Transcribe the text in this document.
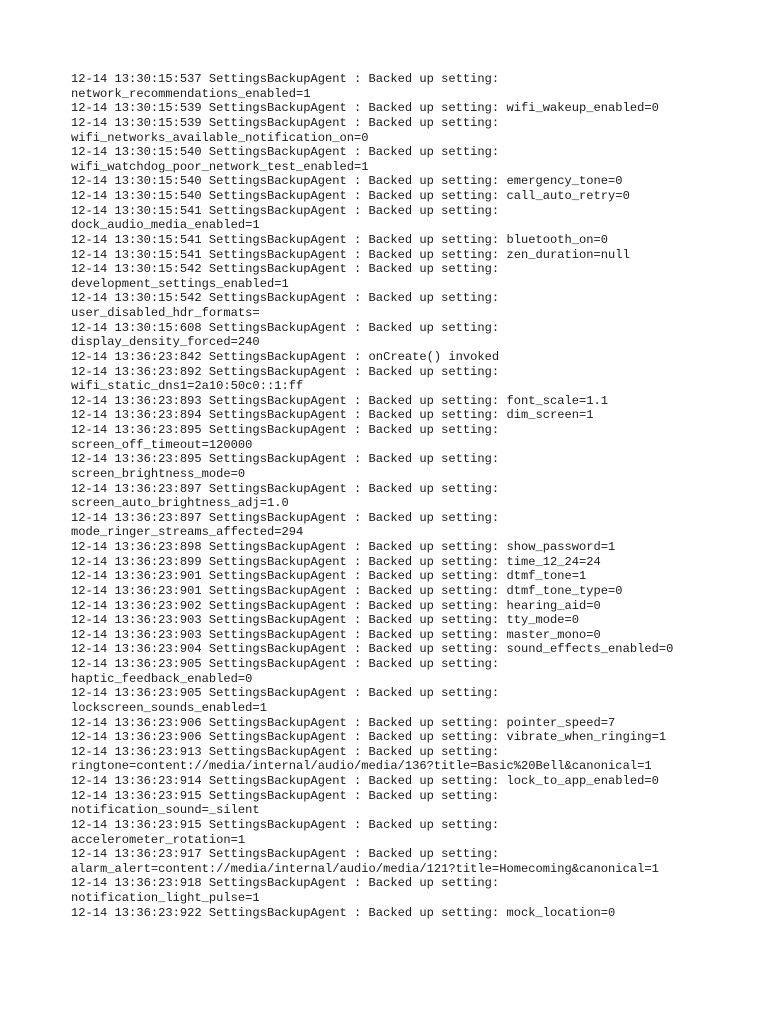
12-14 13:30:15:537 SettingsBackupAgent : Backed up setting:
network_recommendations_enabled=1
12-14 13:30:15:539 SettingsBackupAgent : Backed up setting: wifi_wakeup_enabled=0
12-14 13:30:15:539 SettingsBackupAgent : Backed up setting:
wifi_networks_available_notification_on=0
12-14 13:30:15:540 SettingsBackupAgent : Backed up setting:
wifi_watchdog_poor_network_test_enabled=1
12-14 13:30:15:540 SettingsBackupAgent : Backed up setting: emergency_tone=0
12-14 13:30:15:540 SettingsBackupAgent : Backed up setting: call_auto_retry=0
12-14 13:30:15:541 SettingsBackupAgent : Backed up setting:
dock_audio_media_enabled=1
12-14 13:30:15:541 SettingsBackupAgent : Backed up setting: bluetooth_on=0
12-14 13:30:15:541 SettingsBackupAgent : Backed up setting: zen_duration=null
12-14 13:30:15:542 SettingsBackupAgent : Backed up setting:
development_settings_enabled=1
12-14 13:30:15:542 SettingsBackupAgent : Backed up setting:
user_disabled_hdr_formats=
12-14 13:30:15:608 SettingsBackupAgent : Backed up setting:
display_density_forced=240
12-14 13:36:23:842 SettingsBackupAgent : onCreate() invoked
12-14 13:36:23:892 SettingsBackupAgent : Backed up setting:
wifi_static_dns1=2a10:50c0::1:ff
12-14 13:36:23:893 SettingsBackupAgent : Backed up setting: font_scale=1.1
12-14 13:36:23:894 SettingsBackupAgent : Backed up setting: dim_screen=1
12-14 13:36:23:895 SettingsBackupAgent : Backed up setting:
screen_off_timeout=120000
12-14 13:36:23:895 SettingsBackupAgent : Backed up setting:
screen_brightness_mode=0
12-14 13:36:23:897 SettingsBackupAgent : Backed up setting:
screen_auto_brightness_adj=1.0
12-14 13:36:23:897 SettingsBackupAgent : Backed up setting:
mode_ringer_streams_affected=294
12-14 13:36:23:898 SettingsBackupAgent : Backed up setting: show_password=1
12-14 13:36:23:899 SettingsBackupAgent : Backed up setting: time_12_24=24
12-14 13:36:23:901 SettingsBackupAgent : Backed up setting: dtmf_tone=1
12-14 13:36:23:901 SettingsBackupAgent : Backed up setting: dtmf_tone_type=0
12-14 13:36:23:902 SettingsBackupAgent : Backed up setting: hearing_aid=0
12-14 13:36:23:903 SettingsBackupAgent : Backed up setting: tty_mode=0
12-14 13:36:23:903 SettingsBackupAgent : Backed up setting: master_mono=0
12-14 13:36:23:904 SettingsBackupAgent : Backed up setting: sound_effects_enabled=0
12-14 13:36:23:905 SettingsBackupAgent : Backed up setting:
haptic_feedback_enabled=0
12-14 13:36:23:905 SettingsBackupAgent : Backed up setting:
lockscreen_sounds_enabled=1
12-14 13:36:23:906 SettingsBackupAgent : Backed up setting: pointer_speed=7
12-14 13:36:23:906 SettingsBackupAgent : Backed up setting: vibrate_when_ringing=1
12-14 13:36:23:913 SettingsBackupAgent : Backed up setting:
ringtone=content://media/internal/audio/media/136?title=Basic%20Bell&canonical=1
12-14 13:36:23:914 SettingsBackupAgent : Backed up setting: lock_to_app_enabled=0
12-14 13:36:23:915 SettingsBackupAgent : Backed up setting:
notification_sound=_silent
12-14 13:36:23:915 SettingsBackupAgent : Backed up setting:
accelerometer_rotation=1
12-14 13:36:23:917 SettingsBackupAgent : Backed up setting:
alarm_alert=content://media/internal/audio/media/121?title=Homecoming&canonical=1
12-14 13:36:23:918 SettingsBackupAgent : Backed up setting:
notification_light_pulse=1
12-14 13:36:23:922 SettingsBackupAgent : Backed up setting: mock_location=0
